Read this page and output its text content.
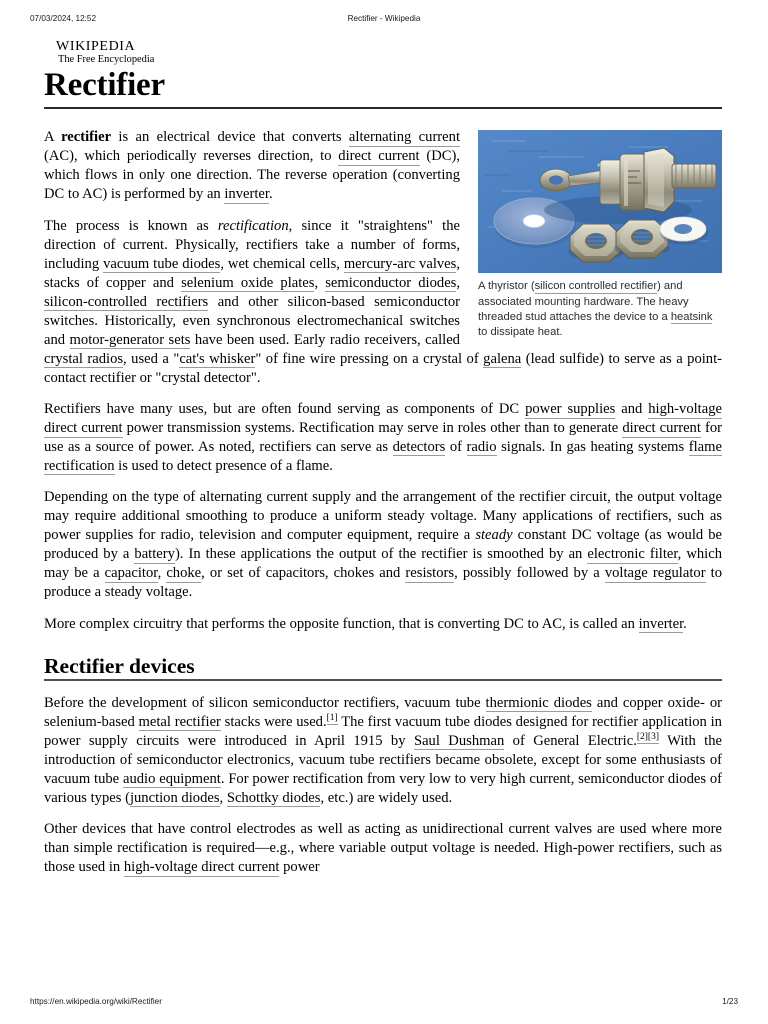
07/03/2024, 12:52	Rectifier - Wikipedia
wikipedia
The Free Encyclopedia
Rectifier
A thyristor (silicon controlled rectifier) and associated mounting hardware. The heavy threaded stud attaches the device to a heatsink to dissipate heat.

A rectifier is an electrical device that converts alternating current (AC), which periodically reverses direction, to direct current (DC), which flows in only one direction. The reverse operation (converting DC to AC) is performed by an inverter.

The process is known as rectification, since it "straightens" the direction of current. Physically, rectifiers take a number of forms, including vacuum tube diodes, wet chemical cells, mercury-arc valves, stacks of copper and selenium oxide plates, semiconductor diodes, silicon-controlled rectifiers and other silicon-based semiconductor switches. Historically, even synchronous electromechanical switches and motor-generator sets have been used. Early radio receivers, called crystal radios, used a "cat's whisker" of fine wire pressing on a crystal of galena (lead sulfide) to serve as a point-contact rectifier or "crystal detector".

Rectifiers have many uses, but are often found serving as components of DC power supplies and high-voltage direct current power transmission systems. Rectification may serve in roles other than to generate direct current for use as a source of power. As noted, rectifiers can serve as detectors of radio signals. In gas heating systems flame rectification is used to detect presence of a flame.

Depending on the type of alternating current supply and the arrangement of the rectifier circuit, the output voltage may require additional smoothing to produce a uniform steady voltage. Many applications of rectifiers, such as power supplies for radio, television and computer equipment, require a steady constant DC voltage (as would be produced by a battery). In these applications the output of the rectifier is smoothed by an electronic filter, which may be a capacitor, choke, or set of capacitors, chokes and resistors, possibly followed by a voltage regulator to produce a steady voltage.

More complex circuitry that performs the opposite function, that is converting DC to AC, is called an inverter.

Rectifier devices

Before the development of silicon semiconductor rectifiers, vacuum tube thermionic diodes and copper oxide- or selenium-based metal rectifier stacks were used.[1] The first vacuum tube diodes designed for rectifier application in power supply circuits were introduced in April 1915 by Saul Dushman of General Electric.[2][3] With the introduction of semiconductor electronics, vacuum tube rectifiers became obsolete, except for some enthusiasts of vacuum tube audio equipment. For power rectification from very low to very high current, semiconductor diodes of various types (junction diodes, Schottky diodes, etc.) are widely used.

Other devices that have control electrodes as well as acting as unidirectional current valves are used where more than simple rectification is required—e.g., where variable output voltage is needed. High-power rectifiers, such as those used in high-voltage direct current power

https://en.wikipedia.org/wiki/Rectifier	1/23
